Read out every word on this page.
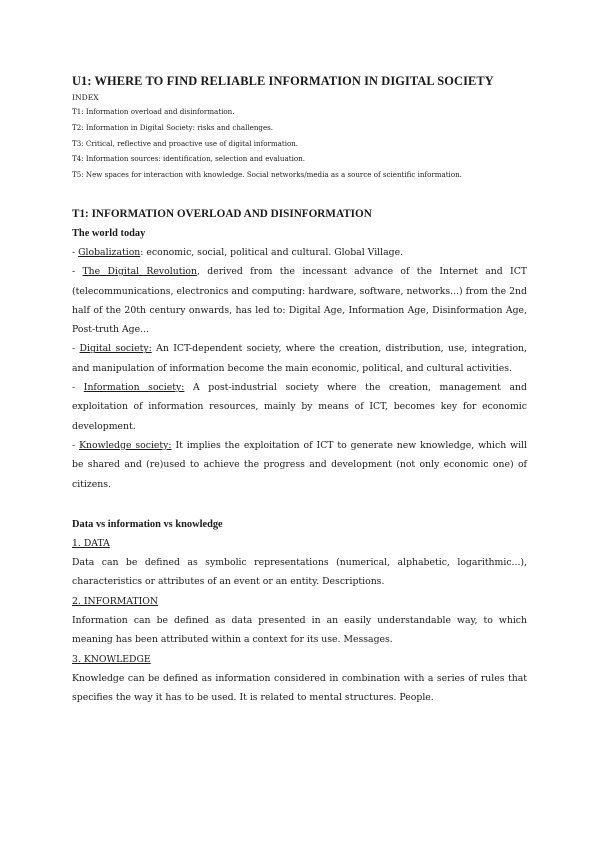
U1: WHERE TO FIND RELIABLE INFORMATION IN DIGITAL SOCIETY
INDEX
T1: Information overload and disinformation.
T2: Information in Digital Society: risks and challenges.
T3: Critical, reflective and proactive use of digital information.
T4: Information sources: identification, selection and evaluation.
T5: New spaces for interaction with knowledge. Social networks/media as a source of scientific information.
T1: INFORMATION OVERLOAD AND DISINFORMATION
The world today

- Globalization: economic, social, political and cultural. Global Village.

- The Digital Revolution, derived from the incessant advance of the Internet and ICT (telecommunications, electronics and computing: hardware, software, networks...) from the 2nd half of the 20th century onwards, has led to: Digital Age, Information Age, Disinformation Age, Post-truth Age...

- Digital society: An ICT-dependent society, where the creation, distribution, use, integration, and manipulation of information become the main economic, political, and cultural activities.

- Information society: A post-industrial society where the creation, management and exploitation of information resources, mainly by means of ICT, becomes key for economic development.

- Knowledge society: It implies the exploitation of ICT to generate new knowledge, which will be shared and (re)used to achieve the progress and development (not only economic one) of citizens.

Data vs information vs knowledge
1. DATA

Data can be defined as symbolic representations (numerical, alphabetic, logarithmic...), characteristics or attributes of an event or an entity. Descriptions.

2. INFORMATION

Information can be defined as data presented in an easily understandable way, to which meaning has been attributed within a context for its use. Messages.

3. KNOWLEDGE

Knowledge can be defined as information considered in combination with a series of rules that specifies the way it has to be used. It is related to mental structures. People.
